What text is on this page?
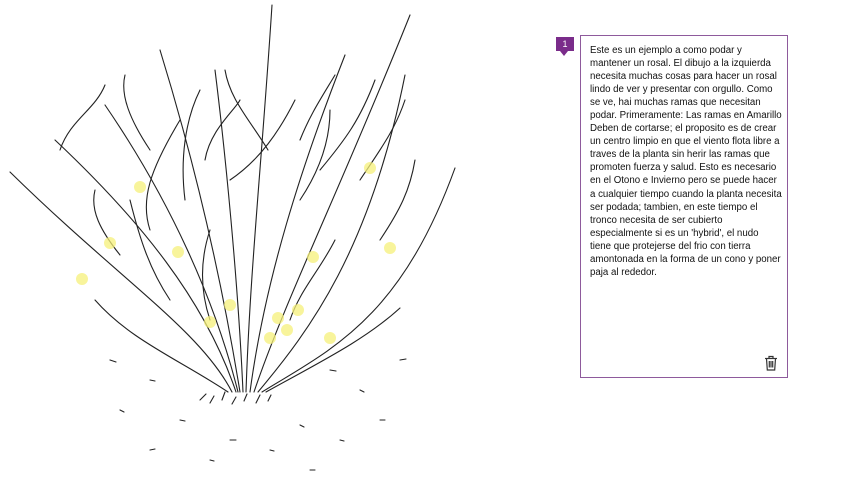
1
Este es un ejemplo a como podar y mantener un rosal. El dibujo a la izquierda necesita muchas cosas para hacer un rosal lindo de ver y presentar con orgullo. Como se ve, hai muchas ramas que necesitan podar. Primeramente: Las ramas en Amarillo Deben de cortarse; el proposito es de crear un centro limpio en que el viento flota libre a traves de la planta sin herir las ramas que promoten fuerza y salud. Esto es necesario en el Otono e Invierno pero se puede hacer a cualquier tiempo cuando la planta necesita ser podada; tambien, en este tiempo el tronco necesita de ser cubierto especialmente si es un 'hybrid', el nudo tiene que protejerse del frio con tierra amontonada en la forma de un cono y poner paja al rededor.
